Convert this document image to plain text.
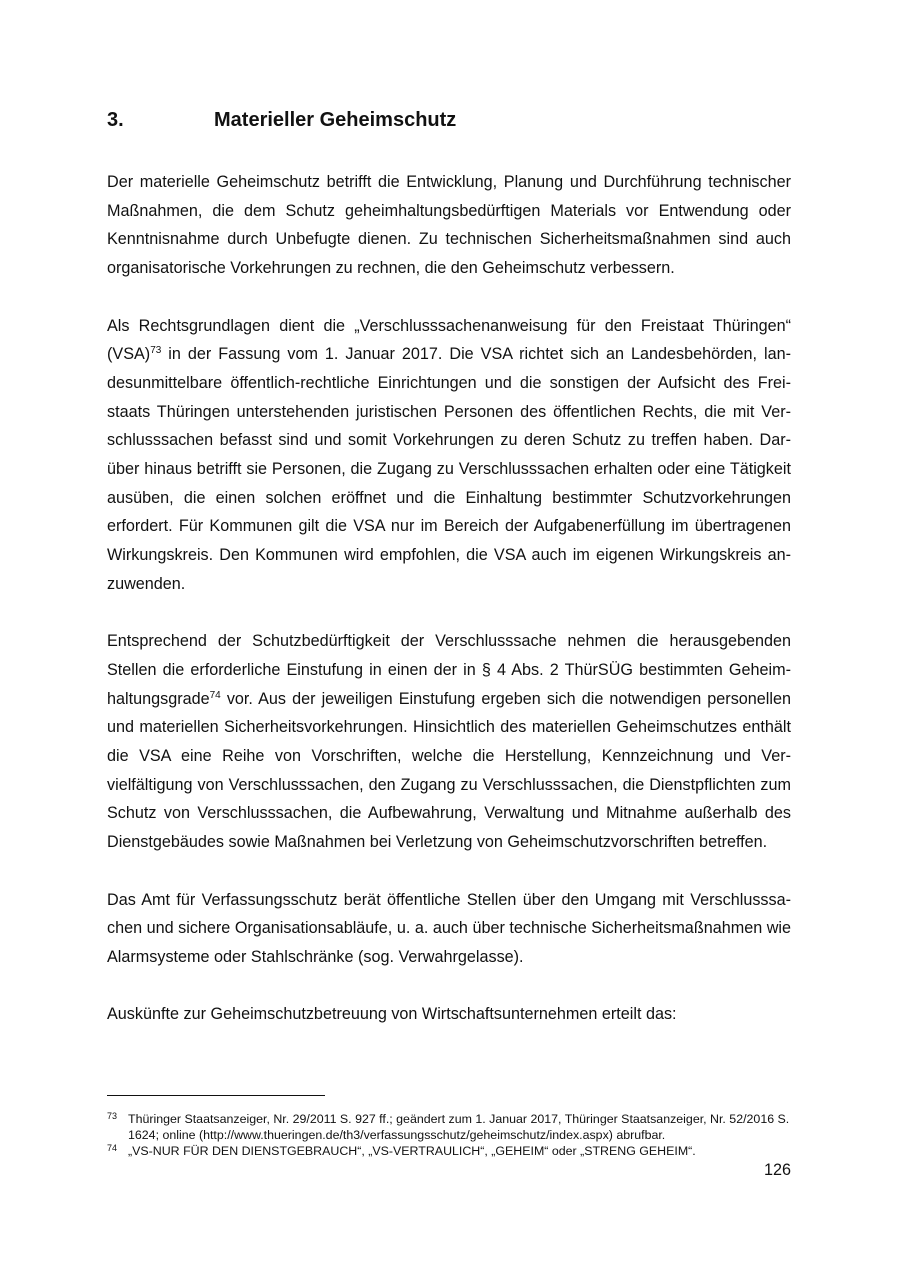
3.	Materieller Geheimschutz

Der materielle Geheimschutz betrifft die Entwicklung, Planung und Durchführung technischer Maßnahmen, die dem Schutz geheimhaltungsbedürftigen Materials vor Entwendung oder Kenntnisnahme durch Unbefugte dienen. Zu technischen Sicherheitsmaßnahmen sind auch organisatorische Vorkehrungen zu rechnen, die den Geheimschutz verbessern.

Als Rechtsgrundlagen dient die „Verschlusssachenanweisung für den Freistaat Thüringen“ (VSA)$^{73}$ in der Fassung vom 1. Januar 2017. Die VSA richtet sich an Landesbehörden, landesunmittelbare öffentlich-rechtliche Einrichtungen und die sonstigen der Aufsicht des Freistaats Thüringen unterstehenden juristischen Personen des öffentlichen Rechts, die mit Verschlusssachen befasst sind und somit Vorkehrungen zu deren Schutz zu treffen haben. Darüber hinaus betrifft sie Personen, die Zugang zu Verschlusssachen erhalten oder eine Tätigkeit ausüben, die einen solchen eröffnet und die Einhaltung bestimmter Schutzvorkehrungen erfordert. Für Kommunen gilt die VSA nur im Bereich der Aufgabenerfüllung im übertragenen Wirkungskreis. Den Kommunen wird empfohlen, die VSA auch im eigenen Wirkungskreis anzuwenden.

Entsprechend der Schutzbedürftigkeit der Verschlusssache nehmen die herausgebenden Stellen die erforderliche Einstufung in einen der in § 4 Abs. 2 ThürSÜG bestimmten Geheimhaltungsgrade$^{74}$ vor. Aus der jeweiligen Einstufung ergeben sich die notwendigen personellen und materiellen Sicherheitsvorkehrungen. Hinsichtlich des materiellen Geheimschutzes enthält die VSA eine Reihe von Vorschriften, welche die Herstellung, Kennzeichnung und Vervielfältigung von Verschlusssachen, den Zugang zu Verschlusssachen, die Dienstpflichten zum Schutz von Verschlusssachen, die Aufbewahrung, Verwaltung und Mitnahme außerhalb des Dienstgebäudes sowie Maßnahmen bei Verletzung von Geheimschutzvorschriften betreffen.

Das Amt für Verfassungsschutz berät öffentliche Stellen über den Umgang mit Verschlusssachen und sichere Organisationsabläufe, u. a. auch über technische Sicherheitsmaßnahmen wie Alarmsysteme oder Stahlschränke (sog. Verwahrgelasse).

Auskünfte zur Geheimschutzbetreuung von Wirtschaftsunternehmen erteilt das:

73 Thüringer Staatsanzeiger, Nr. 29/2011 S. 927 ff.; geändert zum 1. Januar 2017, Thüringer Staatsanzeiger, Nr. 52/2016 S. 1624; online (http://www.thueringen.de/th3/verfassungsschutz/geheimschutz/index.aspx) abrufbar.
74 „VS-NUR FÜR DEN DIENSTGEBRAUCH“, „VS-VERTRAULICH“, „GEHEIM“ oder „STRENG GEHEIM“.
126
